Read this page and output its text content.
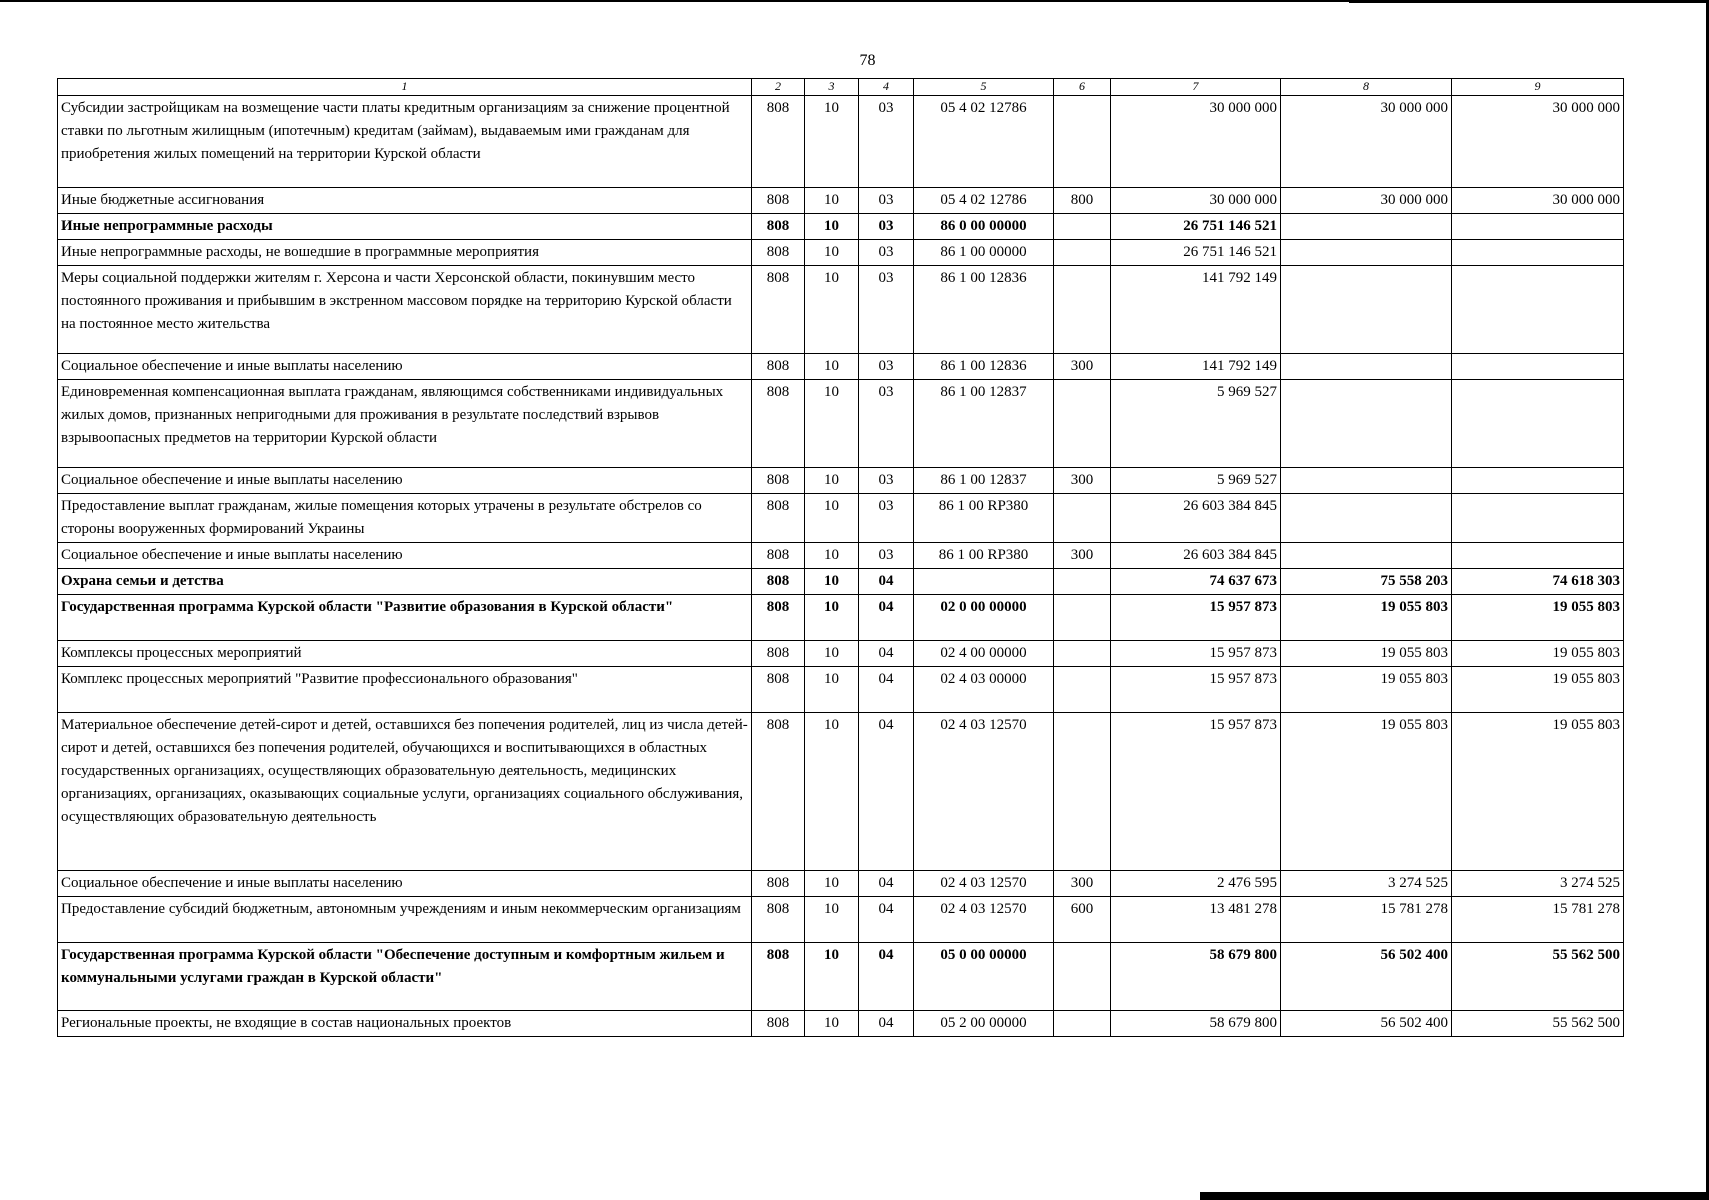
78
1	2	3	4	5	6	7	8	9
Субсидии застройщикам на возмещение части платы кредитным организациям за снижение процентной ставки по льготным жилищным (ипотечным) кредитам (займам), выдаваемым ими гражданам для приобретения жилых помещений на территории Курской области	808	10	03	05 4 02 12786		30 000 000	30 000 000	30 000 000
Иные бюджетные ассигнования	808	10	03	05 4 02 12786	800	30 000 000	30 000 000	30 000 000
Иные непрограммные расходы	808	10	03	86 0 00 00000		26 751 146 521		
Иные непрограммные расходы, не вошедшие в программные мероприятия	808	10	03	86 1 00 00000		26 751 146 521		
Меры социальной поддержки жителям г. Херсона и части Херсонской области, покинувшим место постоянного проживания и прибывшим в экстренном массовом порядке на территорию Курской области на постоянное место жительства	808	10	03	86 1 00 12836		141 792 149		
Социальное обеспечение и иные выплаты населению	808	10	03	86 1 00 12836	300	141 792 149		
Единовременная компенсационная выплата гражданам, являющимся собственниками индивидуальных жилых домов, признанных непригодными для проживания в результате последствий взрывов взрывоопасных предметов на территории Курской области	808	10	03	86 1 00 12837		5 969 527		
Социальное обеспечение и иные выплаты населению	808	10	03	86 1 00 12837	300	5 969 527		
Предоставление выплат гражданам, жилые помещения которых утрачены в результате обстрелов со стороны вооруженных формирований Украины	808	10	03	86 1 00 RP380		26 603 384 845		
Социальное обеспечение и иные выплаты населению	808	10	03	86 1 00 RP380	300	26 603 384 845		
Охрана семьи и детства	808	10	04			74 637 673	75 558 203	74 618 303
Государственная программа Курской области "Развитие образования в Курской области"	808	10	04	02 0 00 00000		15 957 873	19 055 803	19 055 803
Комплексы процессных мероприятий	808	10	04	02 4 00 00000		15 957 873	19 055 803	19 055 803
Комплекс процессных мероприятий "Развитие профессионального образования"	808	10	04	02 4 03 00000		15 957 873	19 055 803	19 055 803
Материальное обеспечение детей-сирот и детей, оставшихся без попечения родителей, лиц из числа детей-сирот и детей, оставшихся без попечения родителей, обучающихся и воспитывающихся в областных государственных организациях, осуществляющих образовательную деятельность, медицинских организациях, организациях, оказывающих социальные услуги, организациях социального обслуживания, осуществляющих образовательную деятельность	808	10	04	02 4 03 12570		15 957 873	19 055 803	19 055 803
Социальное обеспечение и иные выплаты населению	808	10	04	02 4 03 12570	300	2 476 595	3 274 525	3 274 525
Предоставление субсидий бюджетным, автономным учреждениям и иным некоммерческим организациям	808	10	04	02 4 03 12570	600	13 481 278	15 781 278	15 781 278
Государственная программа Курской области "Обеспечение доступным и комфортным жильем и коммунальными услугами граждан в Курской области"	808	10	04	05 0 00 00000		58 679 800	56 502 400	55 562 500
Региональные проекты, не входящие в состав национальных проектов	808	10	04	05 2 00 00000		58 679 800	56 502 400	55 562 500
